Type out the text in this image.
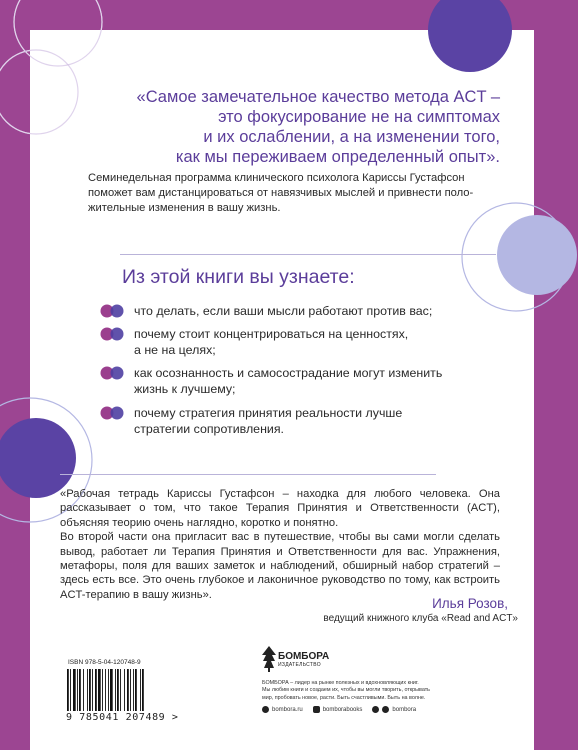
«Самое замечательное качество метода ACT –
это фокусирование не на симптомах
и их ослаблении, а на изменении того,
как мы переживаем определенный опыт».
Семинедельная программа клинического психолога Кариссы Густафсон
поможет вам дистанцироваться от навязчивых мыслей и привнести поло-
жительные изменения в вашу жизнь.
Из этой книги вы узнаете:
что делать, если ваши мысли работают против вас;
почему стоит концентрироваться на ценностях,
а не на целях;
как осознанность и самосострадание могут изменить
жизнь к лучшему;
почему стратегия принятия реальности лучше
стратегии сопротивления.

«Рабочая тетрадь Кариссы Густафсон – находка для любого человека. Она рассказывает о том, что такое Терапия Принятия и Ответственности (ACT), объясняя теорию очень наглядно, коротко и понятно.

Во второй части она пригласит вас в путешествие, чтобы вы сами могли сделать вывод, работает ли Терапия Принятия и Ответственности для вас. Упражнения, метафоры, поля для ваших заметок и наблюдений, обширный набор стратегий – здесь есть все. Это очень глубокое и лаконичное руководство по тому, как встроить ACT-терапию в вашу жизнь».

Илья Розов,
ведущий книжного клуба «Read and ACT»
ISBN 978-5-04-120748-9
9 785041 207489 >
БОМБОРА
ИЗДАТЕЛЬСТВО
БОМБОРА – лидер на рынке полезных и вдохновляющих книг.
Мы любим книги и создаем их, чтобы вы могли творить, открывать
мир, пробовать новое, расти. Быть счастливыми. Быть на волне.
bombora.ru	bomborabooks	bombora
